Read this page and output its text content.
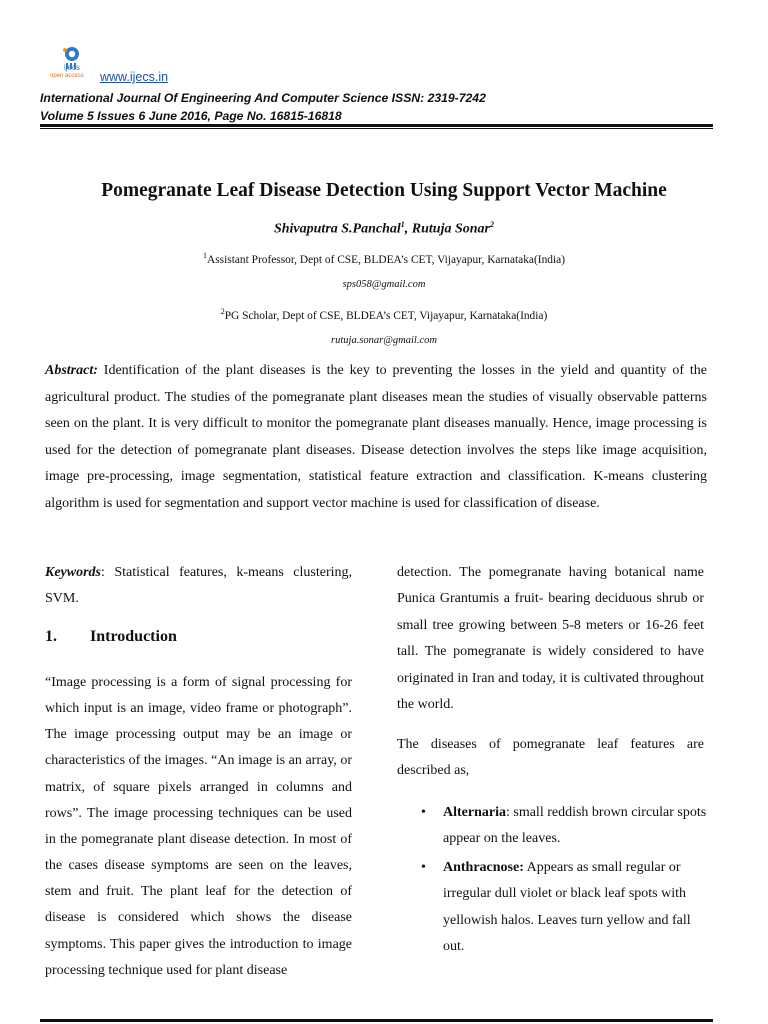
ijecs
open access www.ijecs.in
International Journal Of Engineering And Computer Science ISSN: 2319-7242
Volume 5 Issues 6 June 2016, Page No. 16815-16818
Pomegranate Leaf Disease Detection Using Support Vector Machine
Shivaputra S.Panchal$^1$, Rutuja Sonar$^2$
$^1$Assistant Professor, Dept of CSE, BLDEA’s CET, Vijayapur, Karnataka(India)
sps058@gmail.com
$^2$PG Scholar, Dept of CSE, BLDEA’s CET, Vijayapur, Karnataka(India)
rutuja.sonar@gmail.com
Abstract: Identification of the plant diseases is the key to preventing the losses in the yield and quantity of the agricultural product. The studies of the pomegranate plant diseases mean the studies of visually observable patterns seen on the plant. It is very difficult to monitor the pomegranate plant diseases manually. Hence, image processing is used for the detection of pomegranate plant diseases. Disease detection involves the steps like image acquisition, image pre-processing, image segmentation, statistical feature extraction and classification. K-means clustering algorithm is used for segmentation and support vector machine is used for classification of disease.
Keywords: Statistical features, k-means clustering, SVM.
1. Introduction
“Image processing is a form of signal processing for which input is an image, video frame or photograph”. The image processing output may be an image or characteristics of the images. “An image is an array, or matrix, of square pixels arranged in columns and rows”. The image processing techniques can be used in the pomegranate plant disease detection. In most of the cases disease symptoms are seen on the leaves, stem and fruit. The plant leaf for the detection of disease is considered which shows the disease symptoms. This paper gives the introduction to image processing technique used for plant disease
detection. The pomegranate having botanical name Punica Grantumis a fruit- bearing deciduous shrub or small tree growing between 5-8 meters or 16-26 feet tall. The pomegranate is widely considered to have originated in Iran and today, it is cultivated throughout the world.
The diseases of pomegranate leaf features are described as,
• Alternaria: small reddish brown circular spots appear on the leaves.
• Anthracnose: Appears as small regular or irregular dull violet or black leaf spots with yellowish halos. Leaves turn yellow and fall out.
